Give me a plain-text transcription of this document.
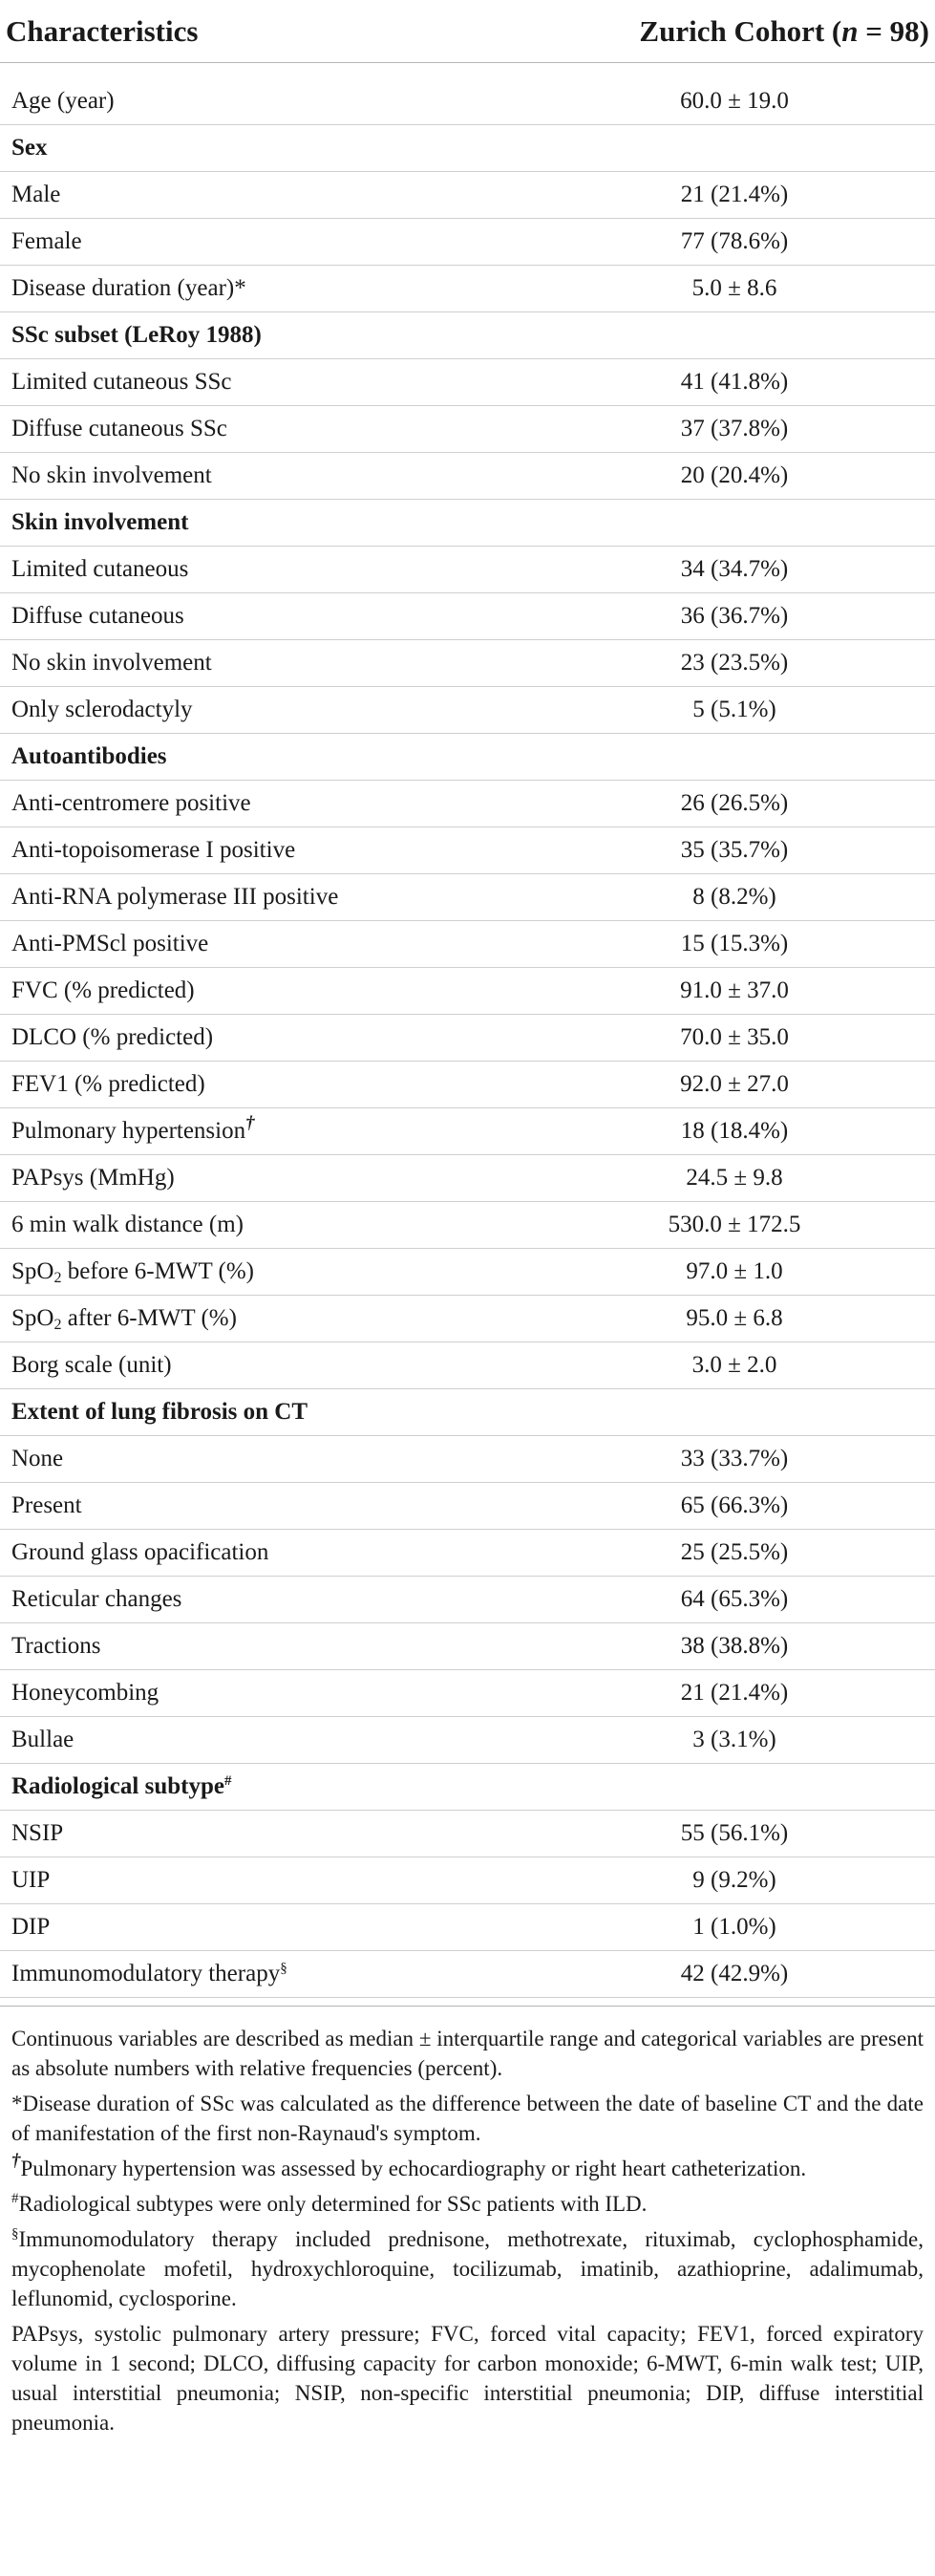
Characteristics	Zurich Cohort (n = 98)
Age (year)	60.0 ± 19.0
Sex	
Male	21 (21.4%)
Female	77 (78.6%)
Disease duration (year)*	5.0 ± 8.6
SSc subset (LeRoy 1988)	
Limited cutaneous SSc	41 (41.8%)
Diffuse cutaneous SSc	37 (37.8%)
No skin involvement	20 (20.4%)
Skin involvement	
Limited cutaneous	34 (34.7%)
Diffuse cutaneous	36 (36.7%)
No skin involvement	23 (23.5%)
Only sclerodactyly	5 (5.1%)
Autoantibodies	
Anti-centromere positive	26 (26.5%)
Anti-topoisomerase I positive	35 (35.7%)
Anti-RNA polymerase III positive	8 (8.2%)
Anti-PMScl positive	15 (15.3%)
FVC (% predicted)	91.0 ± 37.0
DLCO (% predicted)	70.0 ± 35.0
FEV1 (% predicted)	92.0 ± 27.0
Pulmonary hypertension†	18 (18.4%)
PAPsys (MmHg)	24.5 ± 9.8
6 min walk distance (m)	530.0 ± 172.5
SpO$_2$ before 6-MWT (%)	97.0 ± 1.0
SpO$_2$ after 6-MWT (%)	95.0 ± 6.8
Borg scale (unit)	3.0 ± 2.0
Extent of lung fibrosis on CT	
None	33 (33.7%)
Present	65 (66.3%)
Ground glass opacification	25 (25.5%)
Reticular changes	64 (65.3%)
Tractions	38 (38.8%)
Honeycombing	21 (21.4%)
Bullae	3 (3.1%)
Radiological subtype#	
NSIP	55 (56.1%)
UIP	9 (9.2%)
DIP	1 (1.0%)
Immunomodulatory therapy§	42 (42.9%)

Continuous variables are described as median ± interquartile range and categorical variables are present as absolute numbers with relative frequencies (percent).

*Disease duration of SSc was calculated as the difference between the date of baseline CT and the date of manifestation of the first non-Raynaud's symptom.

†Pulmonary hypertension was assessed by echocardiography or right heart catheterization.

#Radiological subtypes were only determined for SSc patients with ILD.

§Immunomodulatory therapy included prednisone, methotrexate, rituximab, cyclophosphamide, mycophenolate mofetil, hydroxychloroquine, tocilizumab, imatinib, azathioprine, adalimumab, leflunomid, cyclosporine.

PAPsys, systolic pulmonary artery pressure; FVC, forced vital capacity; FEV1, forced expiratory volume in 1 second; DLCO, diffusing capacity for carbon monoxide; 6-MWT, 6-min walk test; UIP, usual interstitial pneumonia; NSIP, non-specific interstitial pneumonia; DIP, diffuse interstitial pneumonia.
